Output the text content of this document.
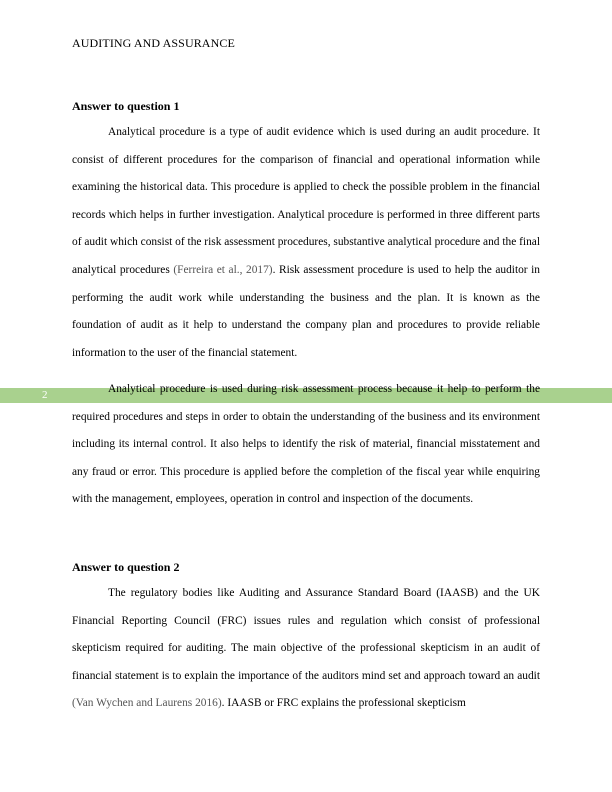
AUDITING AND ASSURANCE
Answer to question 1
Analytical procedure is a type of audit evidence which is used during an audit procedure. It consist of different procedures for the comparison of financial and operational information while examining the historical data. This procedure is applied to check the possible problem in the financial records which helps in further investigation. Analytical procedure is performed in three different parts of audit which consist of the risk assessment procedures, substantive analytical procedure and the final analytical procedures (Ferreira et al., 2017). Risk assessment procedure is used to help the auditor in performing the audit work while understanding the business and the plan. It is known as the foundation of audit as it help to understand the company plan and procedures to provide reliable information to the user of the financial statement.
2	Analytical procedure is used during risk assessment process because it help to perform the required procedures and steps in order to obtain the understanding of the business and its environment including its internal control. It also helps to identify the risk of material, financial misstatement and any fraud or error. This procedure is applied before the completion of the fiscal year while enquiring with the management, employees, operation in control and inspection of the documents.
Answer to question 2
The regulatory bodies like Auditing and Assurance Standard Board (IAASB) and the UK Financial Reporting Council (FRC) issues rules and regulation which consist of professional skepticism required for auditing. The main objective of the professional skepticism in an audit of financial statement is to explain the importance of the auditors mind set and approach toward an audit (Van Wychen and Laurens 2016). IAASB or FRC explains the professional skepticism
